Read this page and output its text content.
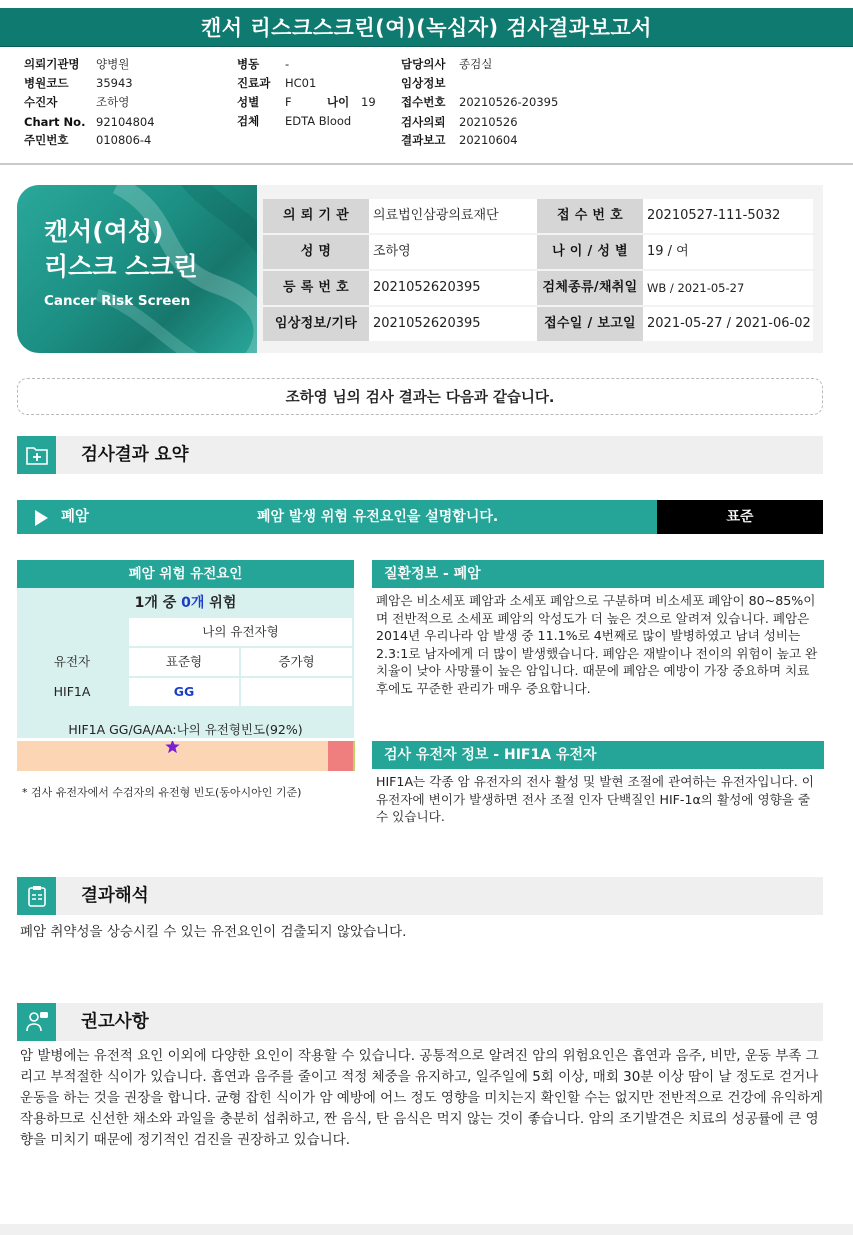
캔서 리스크스크린(여)(녹십자) 검사결과보고서
의뢰기관명 양병원
병원코드 35943
수진자	조하영
Chart No. 92104804
주민번호 010806-4
병동 -
진료과 HC01
성별 F	나이 19
검체 EDTA Blood
담당의사 종검실
임상정보
접수번호 20210526-20395
검사의뢰 20210526
결과보고 20210604
캔서(여성)
리스크 스크린
Cancer Risk Screen
의 뢰 기 관	의료법인삼광의료재단	접 수 번 호	20210527-111-5032
성 명	조하영	나 이 / 성 별	19 / 여
등 록 번 호	2021052620395	검체종류/채취일 WB / 2021-05-27
임상정보/기타	2021052620395	접수일 / 보고일 2021-05-27 / 2021-06-02
조하영 님의 검사 결과는 다음과 같습니다.
검사결과 요약
폐암	폐암 발생 위험 유전요인을 설명합니다.	표준
폐암 위험 유전요인
1개 중 0개 위험
나의 유전자형
유전자	표준형	증가형
HIF1A	GG
HIF1A GG/GA/AA:나의 유전형빈도(92%)
* 검사 유전자에서 수검자의 유전형 빈도(동아시아인 기준)
질환정보 - 폐암
폐암은 비소세포 폐암과 소세포 폐암으로 구분하며 비소세포 폐암이 80~85%이며 전반적으로 소세포 폐암의 악성도가 더 높은 것으로 알려져 있습니다. 폐암은 2014년 우리나라 암 발생 중 11.1%로 4번째로 많이 발병하였고 남녀 성비는 2.3:1로 남자에게 더 많이 발생했습니다. 폐암은 재발이나 전이의 위험이 높고 완치율이 낮아 사망률이 높은 암입니다. 때문에 폐암은 예방이 가장 중요하며 치료 후에도 꾸준한 관리가 매우 중요합니다.
검사 유전자 정보 - HIF1A 유전자
HIF1A는 각종 암 유전자의 전사 활성 및 발현 조절에 관여하는 유전자입니다. 이 유전자에 변이가 발생하면 전사 조절 인자 단백질인 HIF-1α의 활성에 영향을 줄 수 있습니다.
결과해석
폐암 취약성을 상승시킬 수 있는 유전요인이 검출되지 않았습니다.
권고사항
암 발병에는 유전적 요인 이외에 다양한 요인이 작용할 수 있습니다. 공통적으로 알려진 암의 위험요인은 흡연과 음주, 비만, 운동 부족 그리고 부적절한 식이가 있습니다. 흡연과 음주를 줄이고 적정 체중을 유지하고, 일주일에 5회 이상, 매회 30분 이상 땀이 날 정도로 걷거나 운동을 하는 것을 권장을 합니다. 균형 잡힌 식이가 암 예방에 어느 정도 영향을 미치는지 확인할 수는 없지만 전반적으로 건강에 유익하게 작용하므로 신선한 채소와 과일을 충분히 섭취하고, 짠 음식, 탄 음식은 먹지 않는 것이 좋습니다. 암의 조기발견은 치료의 성공률에 큰 영향을 미치기 때문에 정기적인 검진을 권장하고 있습니다.
